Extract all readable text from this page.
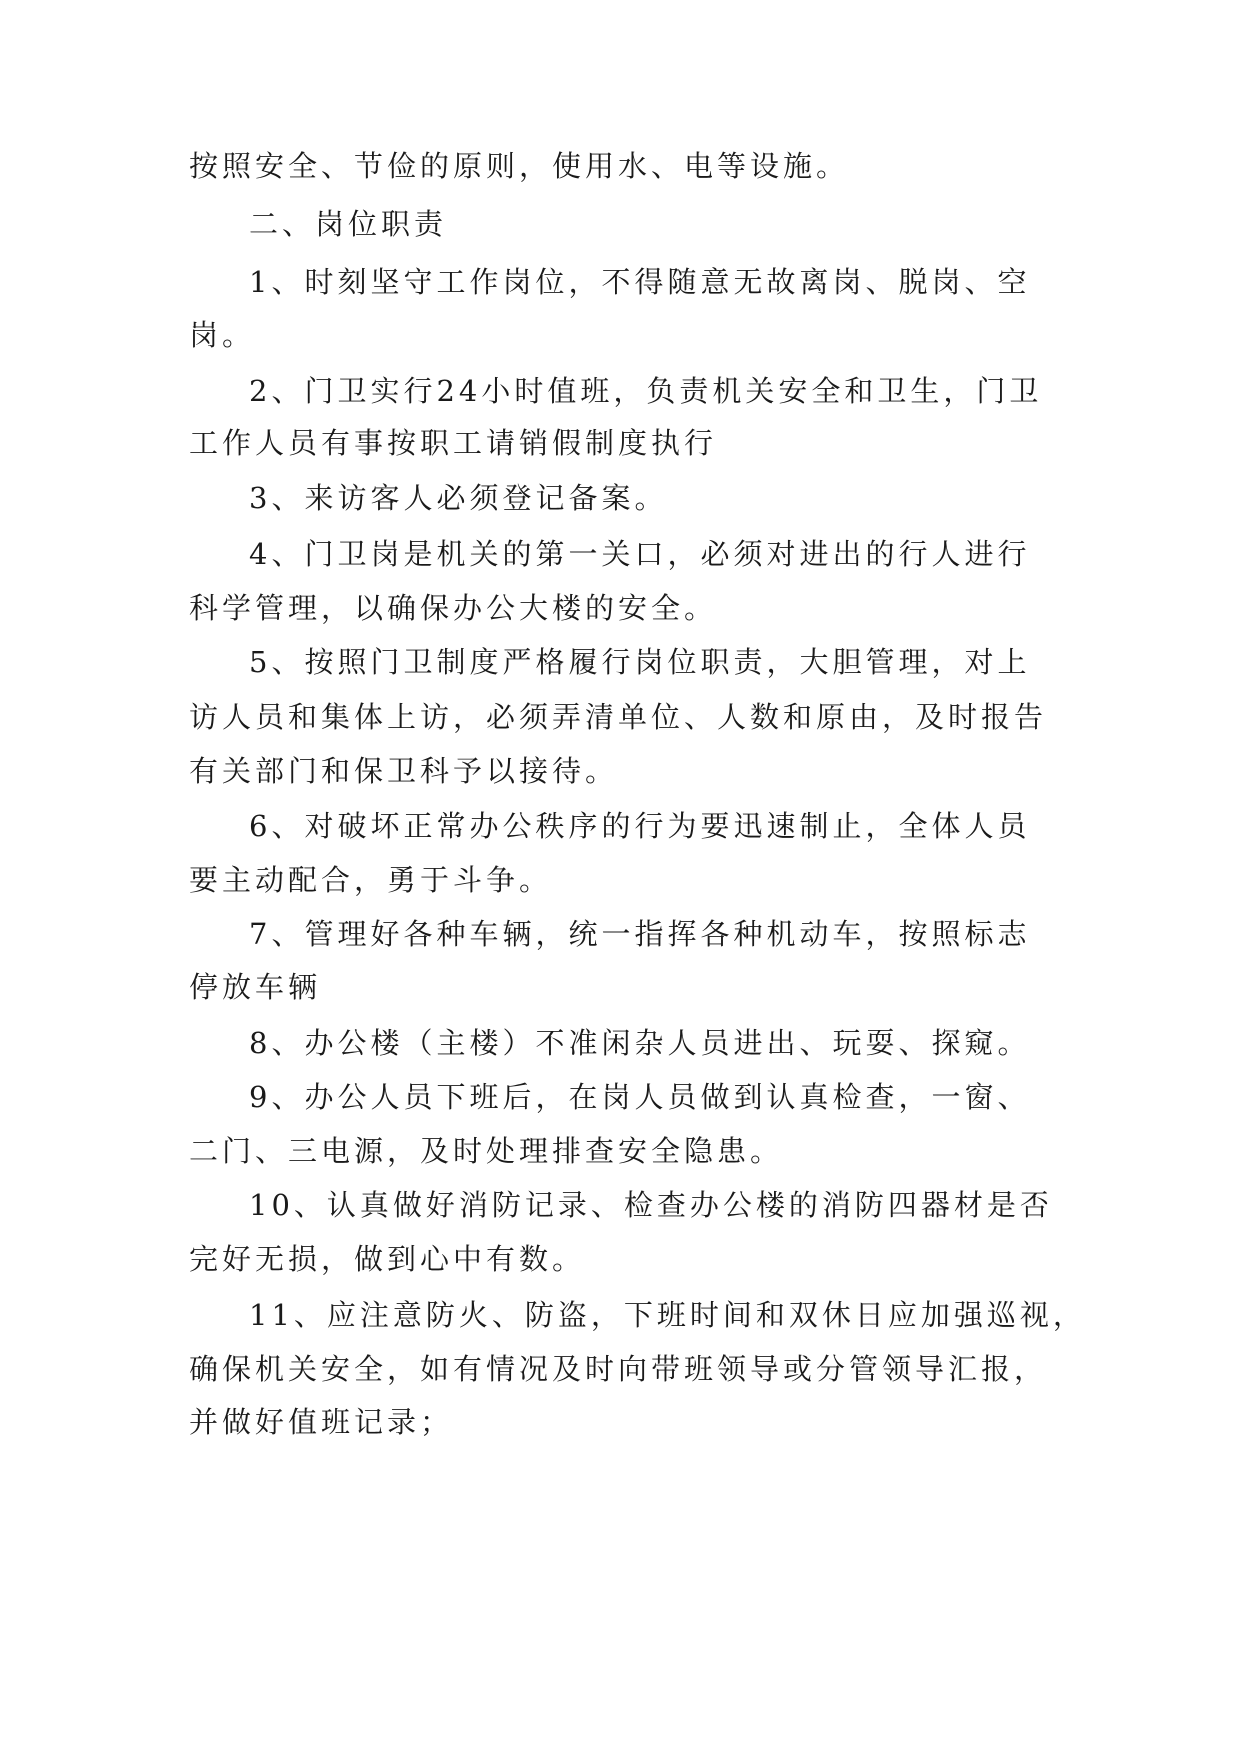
按照安全、节俭的原则，使用水、电等设施。
二、岗位职责
1、时刻坚守工作岗位，不得随意无故离岗、脱岗、空
岗。
2、门卫实行24小时值班，负责机关安全和卫生，门卫
工作人员有事按职工请销假制度执行
3、来访客人必须登记备案。
4、门卫岗是机关的第一关口，必须对进出的行人进行
科学管理，以确保办公大楼的安全。
5、按照门卫制度严格履行岗位职责，大胆管理，对上
访人员和集体上访，必须弄清单位、人数和原由，及时报告
有关部门和保卫科予以接待。
6、对破坏正常办公秩序的行为要迅速制止，全体人员
要主动配合，勇于斗争。
7、管理好各种车辆，统一指挥各种机动车，按照标志
停放车辆
8、办公楼（主楼）不准闲杂人员进出、玩耍、探窥。
9、办公人员下班后，在岗人员做到认真检查，一窗、
二门、三电源，及时处理排查安全隐患。
10、认真做好消防记录、检查办公楼的消防四器材是否
完好无损，做到心中有数。
11、应注意防火、防盗，下班时间和双休日应加强巡视，
确保机关安全，如有情况及时向带班领导或分管领导汇报，
并做好值班记录；
